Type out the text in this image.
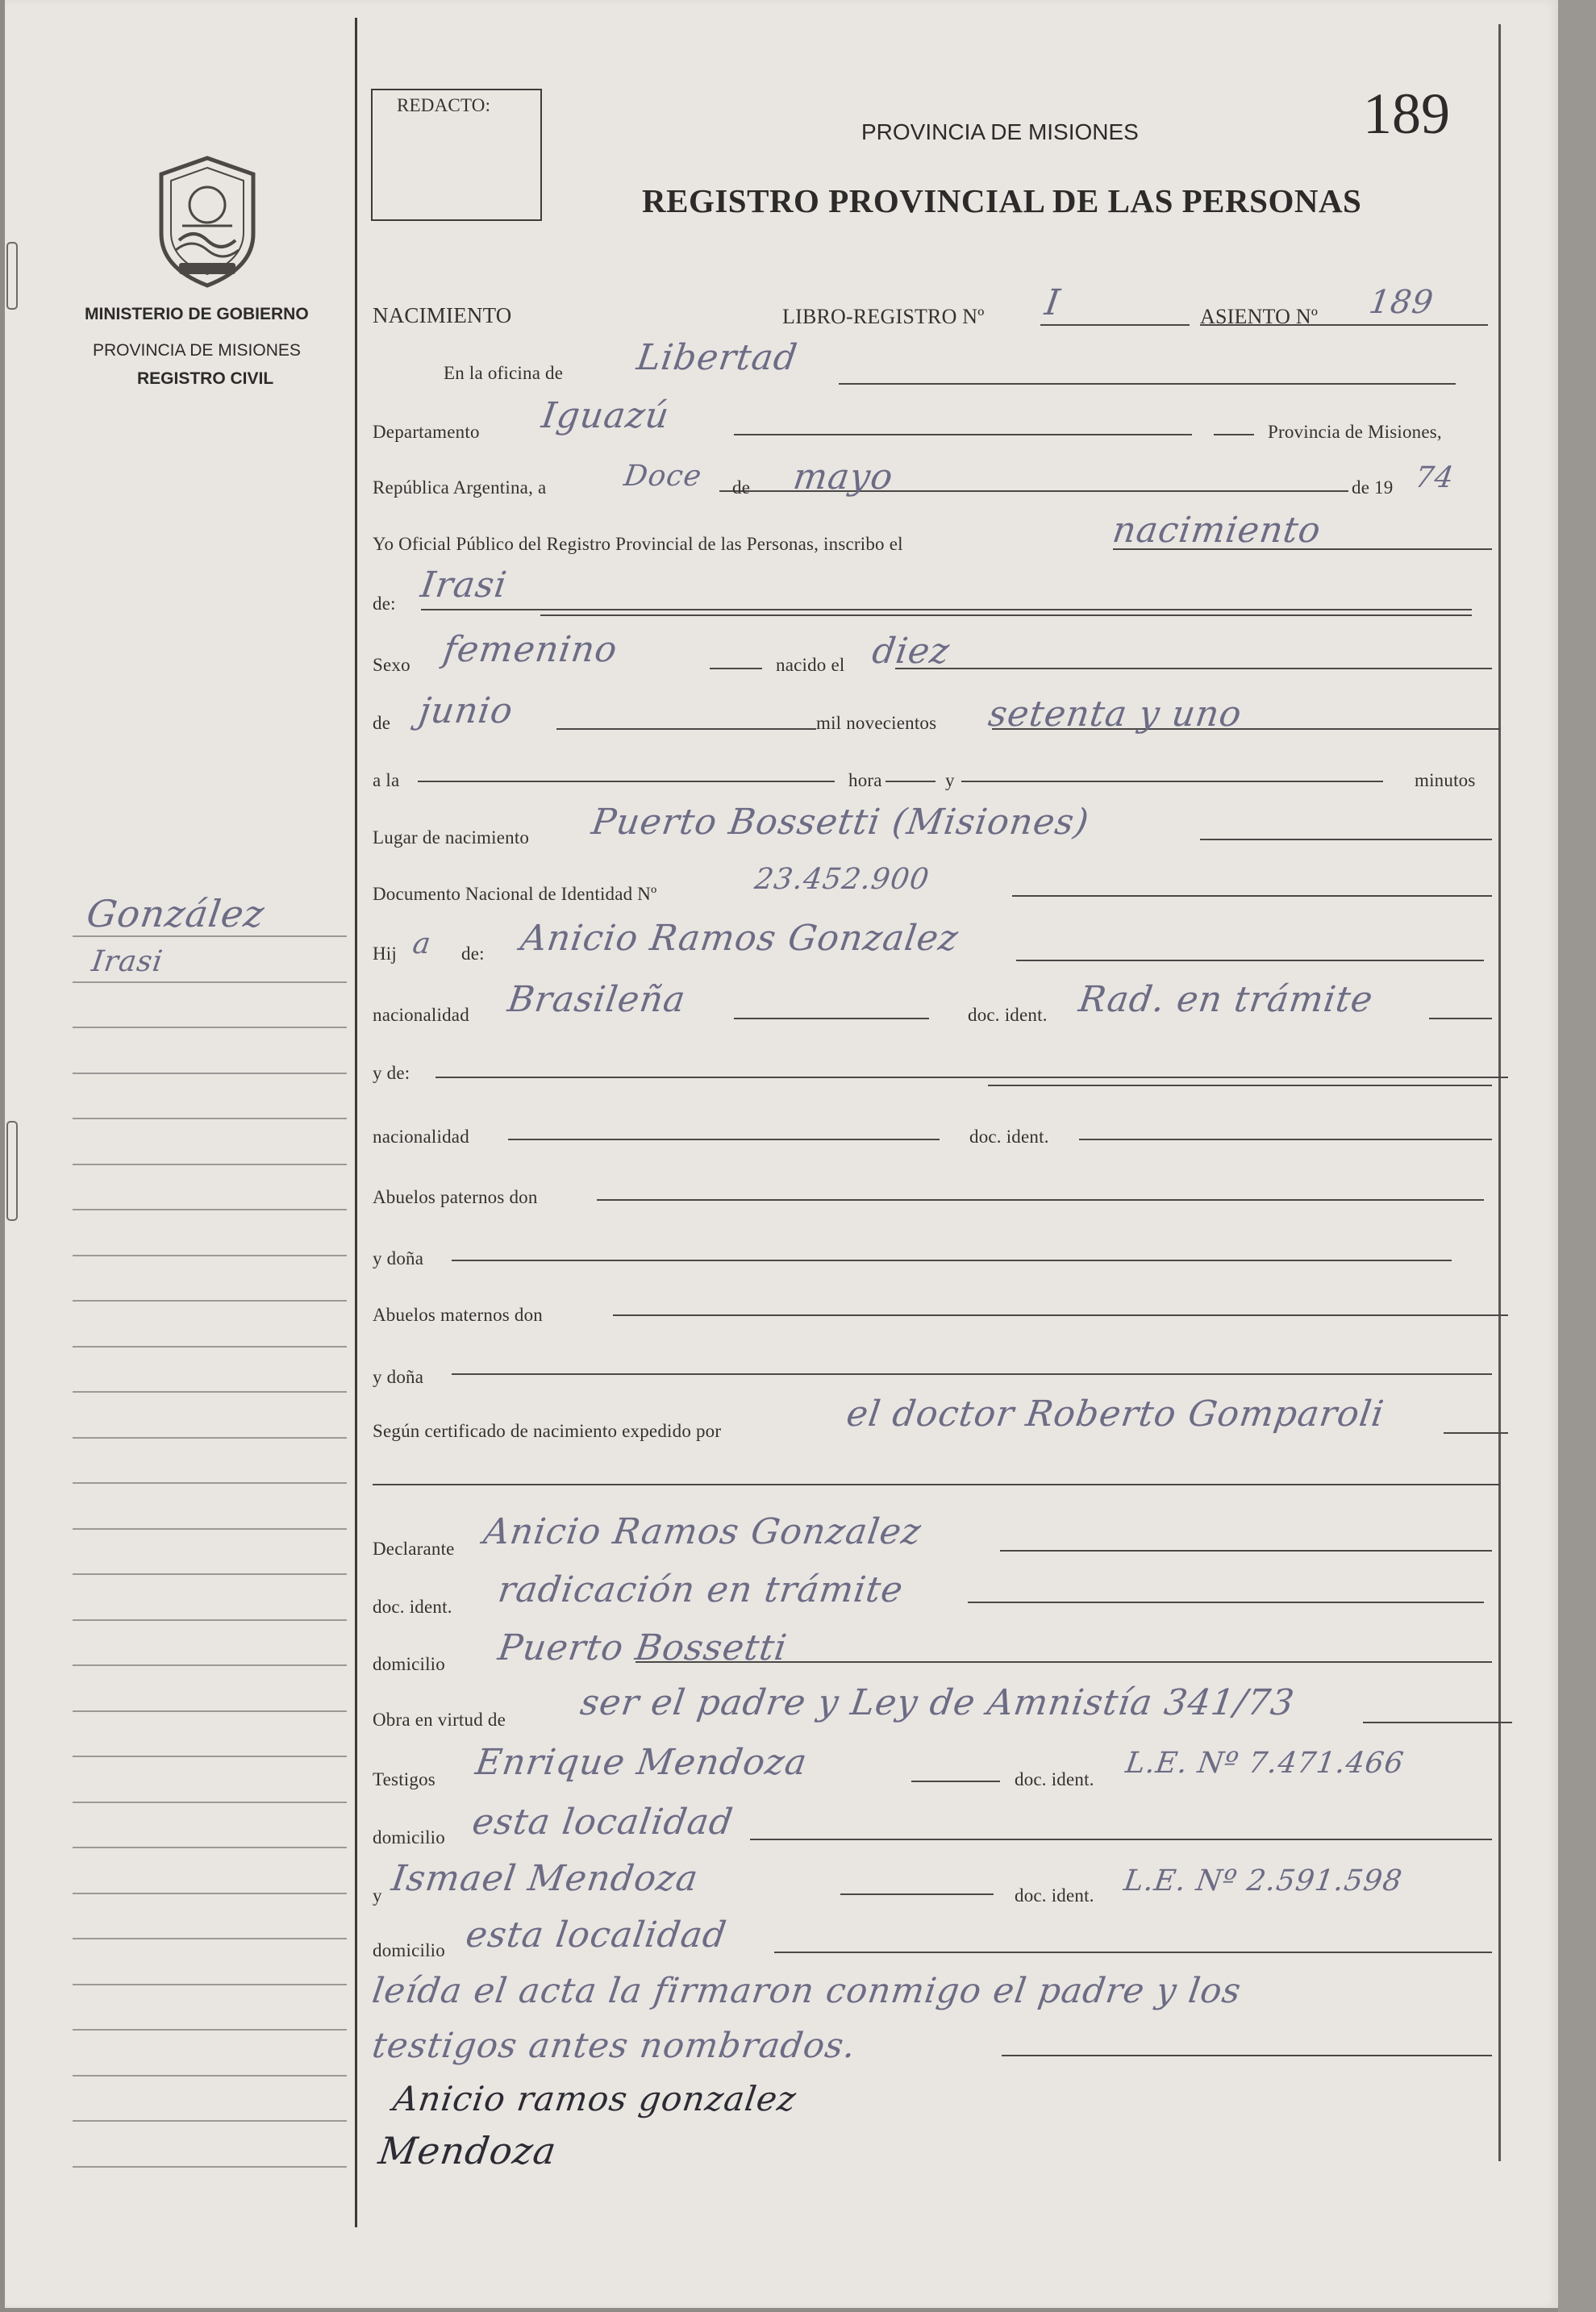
MINISTERIO DE GOBIERNO
PROVINCIA DE MISIONES
REGISTRO CIVIL
González
Irasi
REDACTO:
PROVINCIA DE MISIONES	189
REGISTRO PROVINCIAL DE LAS PERSONAS
NACIMIENTO	LIBRO-REGISTRO Nº I	ASIENTO Nº 189
En la oficina de Libertad
Departamento Iguazú	Provincia de Misiones,
República Argentina, a	Doce de mayo	de 19 74
Yo Oficial Público del Registro Provincial de las Personas, inscribo el	nacimiento
de: Irasi
Sexo femenino	nacido el diez
de junio	mil novecientos setenta y uno
a la	hora	y	minutos
Lugar de nacimiento Puerto Bossetti (Misiones)
Documento Nacional de Identidad Nº	23.452.900
Hij a de: Anicio Ramos Gonzalez
nacionalidad Brasileña	doc. ident. Rad. en trámite
y de:
nacionalidad	doc. ident.
Abuelos paternos don
y doña
Abuelos maternos don
y doña
Según certificado de nacimiento expedido por	el doctor Roberto Gomparoli
Declarante Anicio Ramos Gonzalez
doc. ident. radicación en trámite
domicilio Puerto Bossetti
Obra en virtud de ser el padre y Ley de Amnistía 341/73
Testigos Enrique Mendoza	doc. ident. L.E. Nº 7.471.466
domicilio esta localidad
y Ismael Mendoza	doc. ident. L.E. Nº 2.591.598
domicilio esta localidad
leída el acta la firmaron conmigo el padre y los
testigos antes nombrados.
Anicio ramos gonzalez
Mendoza
